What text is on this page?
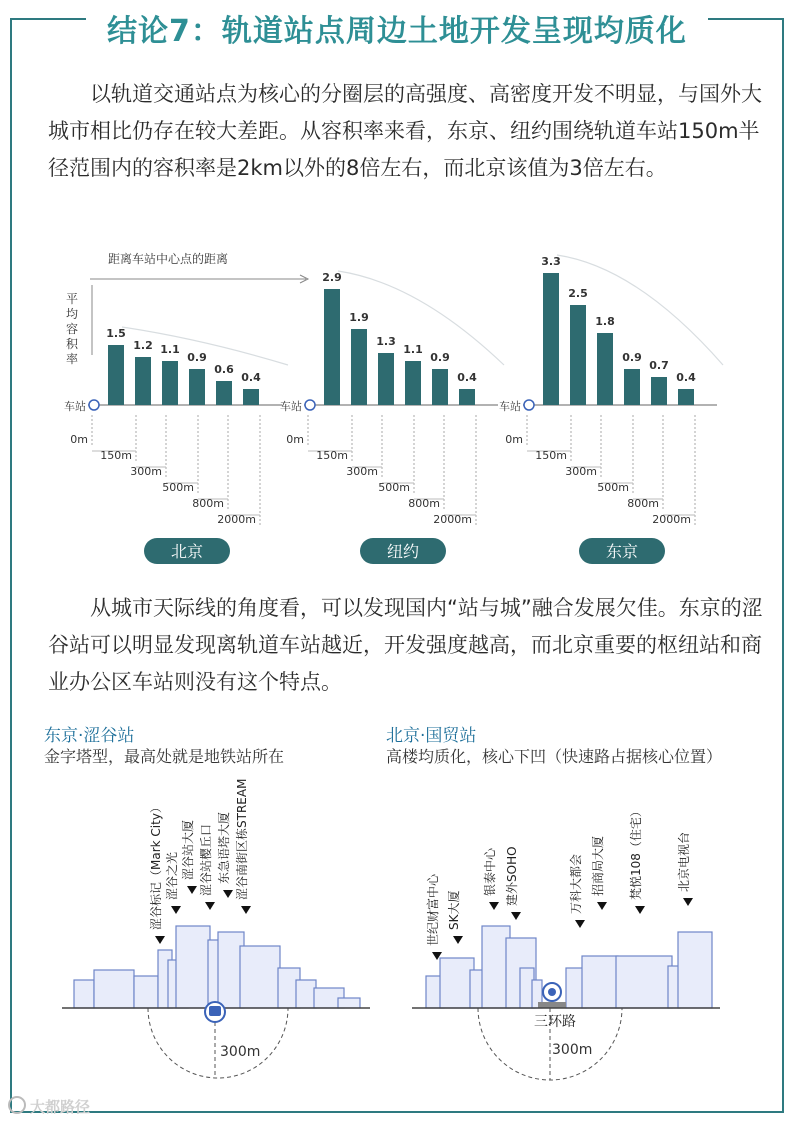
结论7：轨道站点周边土地开发呈现均质化

以轨道交通站点为核心的分圈层的高强度、高密度开发不明显，与国外大城市相比仍存在较大差距。从容积率来看，东京、纽约围绕轨道车站150m半径范围内的容积率是2km以外的8倍左右，而北京该值为3倍左右。

距离车站中心点的距离
平均容积率
车站
1.5
1.2 1.1
0.9
0.6
0.4
0m
150m
300m
500m
800m
2000m
北京
车站
2.9
1.9
1.3
1.1
0.9
0.4
0m
150m
300m
500m
800m
2000m
纽约
车站
3.3
2.5
1.8
0.9
0.7
0.4
0m
150m
300m
500m
800m
2000m
东京

从城市天际线的角度看，可以发现国内“站与城”融合发展欠佳。东京的涩谷站可以明显发现离轨道车站越近，开发强度越高，而北京重要的枢纽站和商业办公区车站则没有这个特点。

东京·涩谷站
金字塔型，最高处就是地铁站所在
北京·国贸站
高楼均质化，核心下凹（快速路占据核心位置）
300m
涩谷标记（Mark City） 涩谷之光 涩谷站大厦 涩谷站樱丘口 东急语塔大厦 涩谷南街区栋STREAM
300m
三环路
世纪财富中心 SK大厦
银泰中心 建外SOHO	万科大都会 招商局大厦 梵悦108（住宅）	北京电视台
大都路径
